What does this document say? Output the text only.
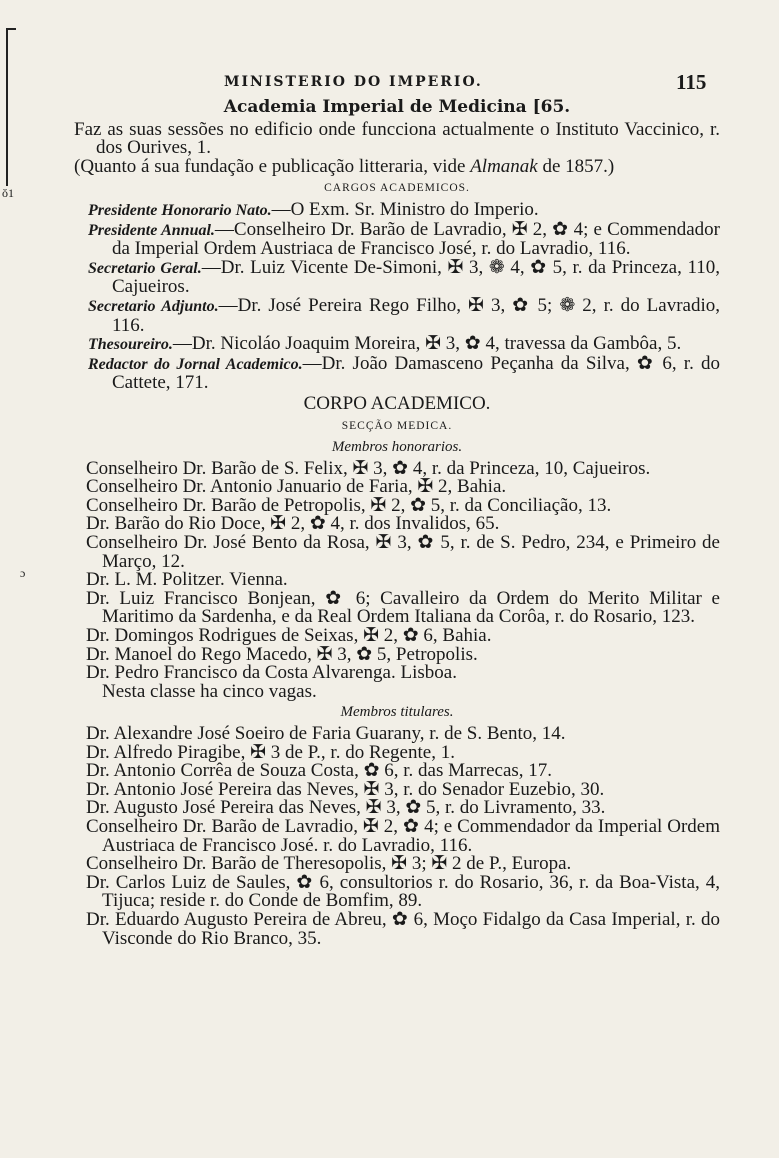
ŏ1
ɔ
MINISTERIO DO IMPERIO.	115

Academia Imperial de Medicina [65.

Faz as suas sessões no edificio onde funcciona actualmente o Instituto Vaccinico, r. dos Ourives, 1.

(Quanto á sua fundação e publicação litteraria, vide Almanak de 1857.)

CARGOS ACADEMICOS.

Presidente Honorario Nato.—O Exm. Sr. Ministro do Imperio.

Presidente Annual.—Conselheiro Dr. Barão de Lavradio, ✠ 2, ✿ 4; e Commendador da Imperial Ordem Austriaca de Francisco José, r. do Lavradio, 116.

Secretario Geral.—Dr. Luiz Vicente De-Simoni, ✠ 3, ❁ 4, ✿ 5, r. da Princeza, 110, Cajueiros.

Secretario Adjunto.—Dr. José Pereira Rego Filho, ✠ 3, ✿ 5; ❁ 2, r. do Lavradio, 116.

Thesoureiro.—Dr. Nicoláo Joaquim Moreira, ✠ 3, ✿ 4, travessa da Gambôa, 5.

Redactor do Jornal Academico.—Dr. João Damasceno Peçanha da Silva, ✿ 6, r. do Cattete, 171.

CORPO ACADEMICO.

SECÇÃO MEDICA.

Membros honorarios.

Conselheiro Dr. Barão de S. Felix, ✠ 3, ✿ 4, r. da Princeza, 10, Cajueiros.

Conselheiro Dr. Antonio Januario de Faria, ✠ 2, Bahia.

Conselheiro Dr. Barão de Petropolis, ✠ 2, ✿ 5, r. da Conciliação, 13.

Dr. Barão do Rio Doce, ✠ 2, ✿ 4, r. dos Invalidos, 65.

Conselheiro Dr. José Bento da Rosa, ✠ 3, ✿ 5, r. de S. Pedro, 234, e Primeiro de Março, 12.

Dr. L. M. Politzer. Vienna.

Dr. Luiz Francisco Bonjean, ✿ 6; Cavalleiro da Ordem do Merito Militar e Maritimo da Sardenha, e da Real Ordem Italiana da Corôa, r. do Rosario, 123.

Dr. Domingos Rodrigues de Seixas, ✠ 2, ✿ 6, Bahia.

Dr. Manoel do Rego Macedo, ✠ 3, ✿ 5, Petropolis.

Dr. Pedro Francisco da Costa Alvarenga. Lisboa.

Nesta classe ha cinco vagas.

Membros titulares.

Dr. Alexandre José Soeiro de Faria Guarany, r. de S. Bento, 14.

Dr. Alfredo Piragibe, ✠ 3 de P., r. do Regente, 1.

Dr. Antonio Corrêa de Souza Costa, ✿ 6, r. das Marrecas, 17.

Dr. Antonio José Pereira das Neves, ✠ 3, r. do Senador Euzebio, 30.

Dr. Augusto José Pereira das Neves, ✠ 3, ✿ 5, r. do Livramento, 33.

Conselheiro Dr. Barão de Lavradio, ✠ 2, ✿ 4; e Commendador da Imperial Ordem Austriaca de Francisco José. r. do Lavradio, 116.

Conselheiro Dr. Barão de Theresopolis, ✠ 3; ✠ 2 de P., Europa.

Dr. Carlos Luiz de Saules, ✿ 6, consultorios r. do Rosario, 36, r. da Boa-Vista, 4, Tijuca; reside r. do Conde de Bomfim, 89.

Dr. Eduardo Augusto Pereira de Abreu, ✿ 6, Moço Fidalgo da Casa Imperial, r. do Visconde do Rio Branco, 35.
